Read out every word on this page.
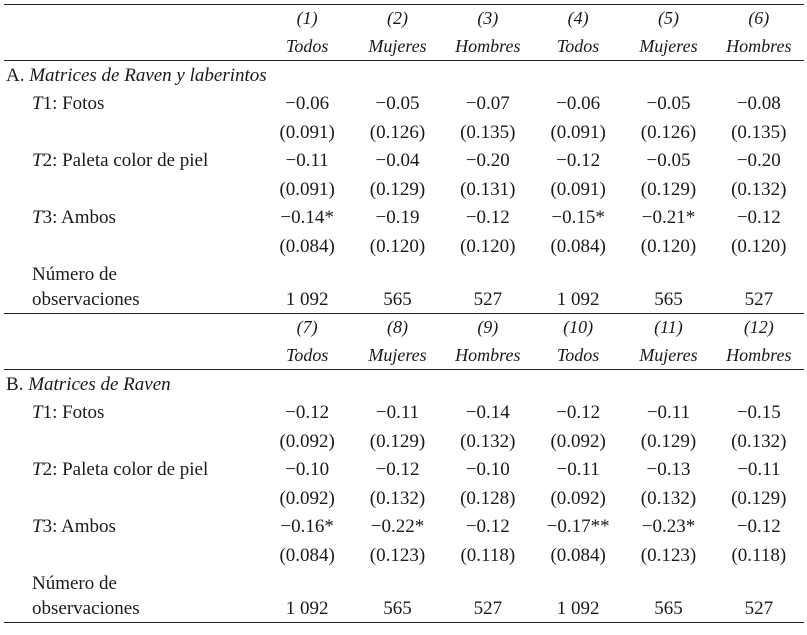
	(1)	(2)	(3)	(4)	(5)	(6)
	Todos	Mujeres	Hombres	Todos	Mujeres	Hombres
A. Matrices de Raven y laberintos						
T1: Fotos	−0.06	−0.05	−0.07	−0.06	−0.05	−0.08
	(0.091)	(0.126)	(0.135)	(0.091)	(0.126)	(0.135)
T2: Paleta color de piel	−0.11	−0.04	−0.20	−0.12	−0.05	−0.20
	(0.091)	(0.129)	(0.131)	(0.091)	(0.129)	(0.132)
T3: Ambos	−0.14*	−0.19	−0.12	−0.15*	−0.21*	−0.12
	(0.084)	(0.120)	(0.120)	(0.084)	(0.120)	(0.120)
Número de						
observaciones	1 092	565	527	1 092	565	527
	(7)	(8)	(9)	(10)	(11)	(12)
	Todos	Mujeres	Hombres	Todos	Mujeres	Hombres
B. Matrices de Raven						
T1: Fotos	−0.12	−0.11	−0.14	−0.12	−0.11	−0.15
	(0.092)	(0.129)	(0.132)	(0.092)	(0.129)	(0.132)
T2: Paleta color de piel	−0.10	−0.12	−0.10	−0.11	−0.13	−0.11
	(0.092)	(0.132)	(0.128)	(0.092)	(0.132)	(0.129)
T3: Ambos	−0.16*	−0.22*	−0.12	−0.17**	−0.23*	−0.12
	(0.084)	(0.123)	(0.118)	(0.084)	(0.123)	(0.118)
Número de						
observaciones	1 092	565	527	1 092	565	527
